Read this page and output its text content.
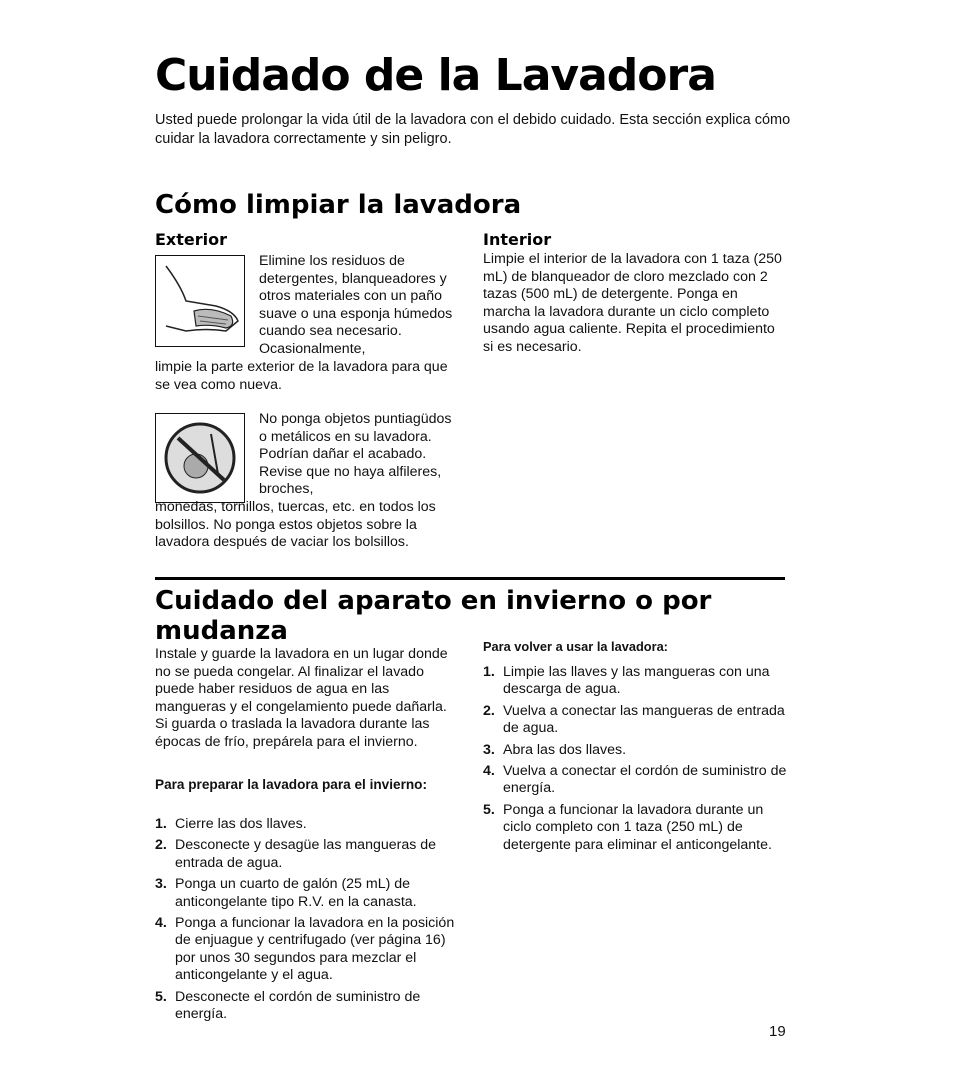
Cuidado de la Lavadora
Usted puede prolongar la vida útil de la lavadora con el debido cuidado. Esta sección explica cómo cuidar la lavadora correctamente y sin peligro.
Cómo limpiar la lavadora
Exterior
Elimine los residuos de detergentes, blanqueadores y otros materiales con un paño suave o una esponja húmedos cuando sea necesario. Ocasionalmente,
limpie la parte exterior de la lavadora para que se vea como nueva.
No ponga objetos puntiagüdos o metálicos en su lavadora. Podrían dañar el acabado. Revise que no haya alfileres, broches,
monedas, tornillos, tuercas, etc. en todos los bolsillos. No ponga estos objetos sobre la lavadora después de vaciar los bolsillos.
Interior
Limpie el interior de la lavadora con 1 taza (250 mL) de blanqueador de cloro mezclado con 2 tazas (500 mL) de detergente. Ponga en marcha la lavadora durante un ciclo completo usando agua caliente. Repita el procedimiento si es necesario.
Cuidado del aparato en invierno o por mudanza
Instale y guarde la lavadora en un lugar donde no se pueda congelar. Al finalizar el lavado puede haber residuos de agua en las mangueras y el congelamiento puede dañarla. Si guarda o traslada la lavadora durante las épocas de frío, prepárela para el invierno.
Para preparar la lavadora para el invierno:
1. Cierre las dos llaves.
2. Desconecte y desagüe las mangueras de entrada de agua.
3. Ponga un cuarto de galón (25 mL) de anticongelante tipo R.V. en la canasta.
4. Ponga a funcionar la lavadora en la posición de enjuague y centrifugado (ver página 16) por unos 30 segundos para mezclar el anticongelante y el agua.
5. Desconecte el cordón de suministro de energía.
Para volver a usar la lavadora:
1. Limpie las llaves y las mangueras con una descarga de agua.
2. Vuelva a conectar las mangueras de entrada de agua.
3. Abra las dos llaves.
4. Vuelva a conectar el cordón de suministro de energía.
5. Ponga a funcionar la lavadora durante un ciclo completo con 1 taza (250 mL) de detergente para eliminar el anticongelante.
19
